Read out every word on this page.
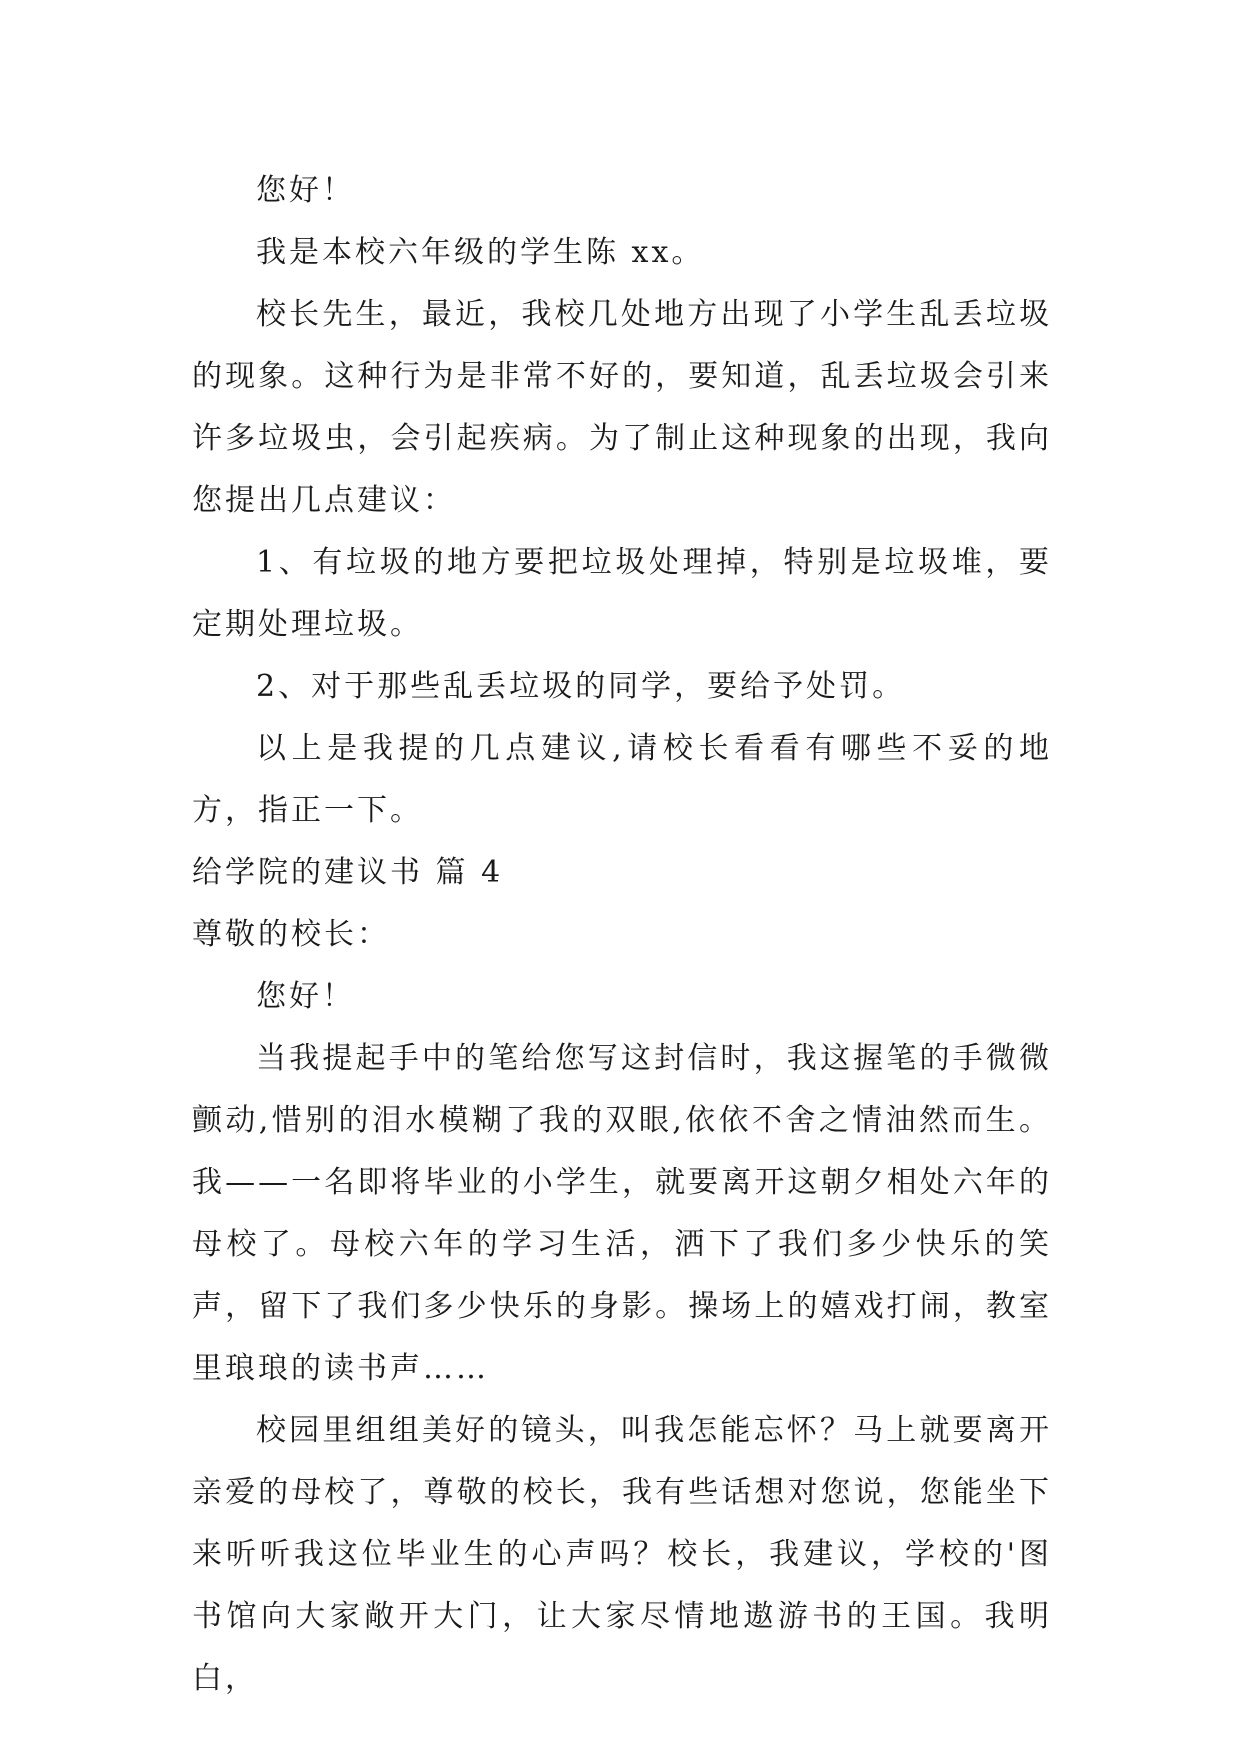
您好！

我是本校六年级的学生陈 xx。

校长先生，最近，我校几处地方出现了小学生乱丢垃圾的现象。这种行为是非常不好的，要知道，乱丢垃圾会引来许多垃圾虫，会引起疾病。为了制止这种现象的出现，我向您提出几点建议：

1、有垃圾的地方要把垃圾处理掉，特别是垃圾堆，要定期处理垃圾。

2、对于那些乱丢垃圾的同学，要给予处罚。

以上是我提的几点建议,请校长看看有哪些不妥的地方，指正一下。

给学院的建议书 篇 4

尊敬的校长：

您好！

当我提起手中的笔给您写这封信时，我这握笔的手微微颤动,惜别的泪水模糊了我的双眼,依依不舍之情油然而生。我——一名即将毕业的小学生，就要离开这朝夕相处六年的母校了。母校六年的学习生活，洒下了我们多少快乐的笑声，留下了我们多少快乐的身影。操场上的嬉戏打闹，教室里琅琅的读书声……

校园里组组美好的镜头，叫我怎能忘怀？马上就要离开亲爱的母校了，尊敬的校长，我有些话想对您说，您能坐下来听听我这位毕业生的心声吗？校长，我建议，学校的'图书馆向大家敞开大门，让大家尽情地遨游书的王国。我明白，
